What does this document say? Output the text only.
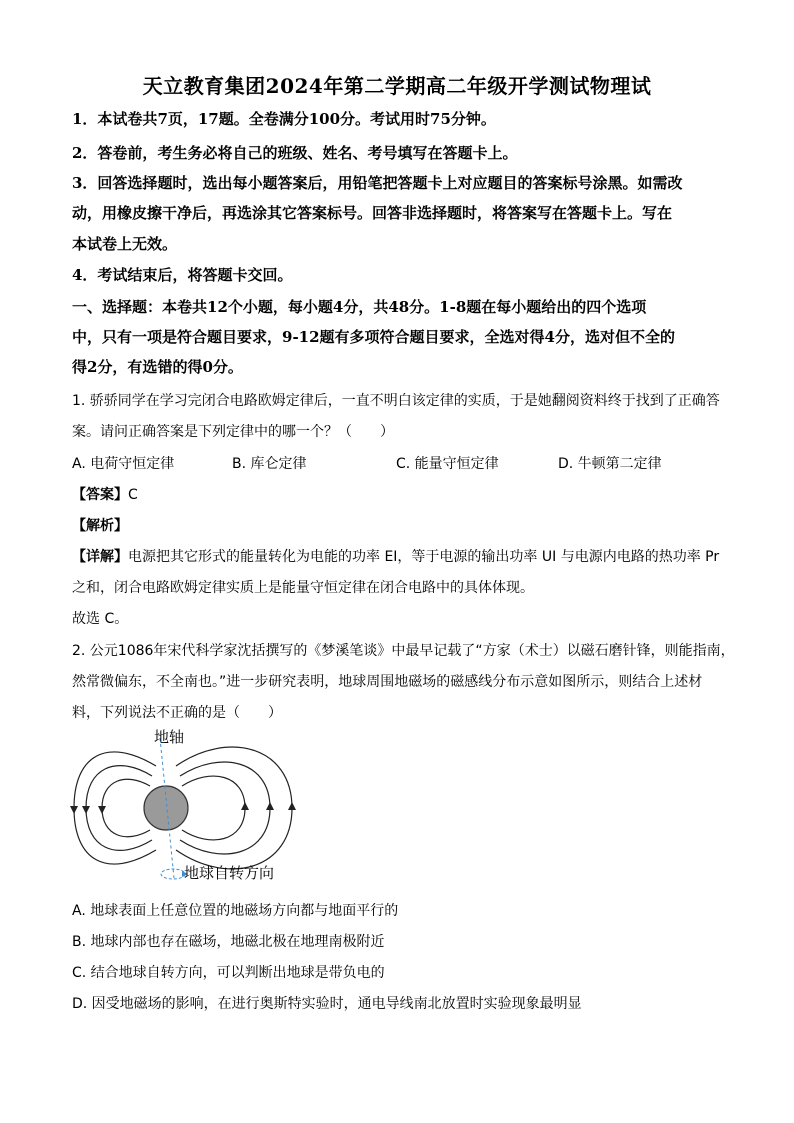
天立教育集团2024年第二学期高二年级开学测试物理试
1．本试卷共7页，17题。全卷满分100分。考试用时75分钟。
2．答卷前，考生务必将自己的班级、姓名、考号填写在答题卡上。
3．回答选择题时，选出每小题答案后，用铅笔把答题卡上对应题目的答案标号涂黑。如需改
动，用橡皮擦干净后，再选涂其它答案标号。回答非选择题时，将答案写在答题卡上。写在
本试卷上无效。
4．考试结束后，将答题卡交回。
一、选择题：本卷共12个小题，每小题4分，共48分。1-8题在每小题给出的四个选项
中，只有一项是符合题目要求，9-12题有多项符合题目要求，全选对得4分，选对但不全的
得2分，有选错的得0分。
1. 骄骄同学在学习完闭合电路欧姆定律后，一直不明白该定律的实质，于是她翻阅资料终于找到了正确答
案。请问正确答案是下列定律中的哪一个？（　　）
A. 电荷守恒定律	B. 库仑定律	C. 能量守恒定律	D. 牛顿第二定律
【答案】C
【解析】
【详解】电源把其它形式的能量转化为电能的功率 EI，等于电源的输出功率 UI 与电源内电路的热功率 Pr
之和，闭合电路欧姆定律实质上是能量守恒定律在闭合电路中的具体体现。
故选 C。
2. 公元1086年宋代科学家沈括撰写的《梦溪笔谈》中最早记载了“方家（术士）以磁石磨针锋，则能指南，
然常微偏东，不全南也。”进一步研究表明，地球周围地磁场的磁感线分布示意如图所示，则结合上述材
料，下列说法不正确的是（　　）
地轴
地球自转方向
A. 地球表面上任意位置的地磁场方向都与地面平行的
B. 地球内部也存在磁场，地磁北极在地理南极附近
C. 结合地球自转方向，可以判断出地球是带负电的
D. 因受地磁场的影响，在进行奥斯特实验时，通电导线南北放置时实验现象最明显
